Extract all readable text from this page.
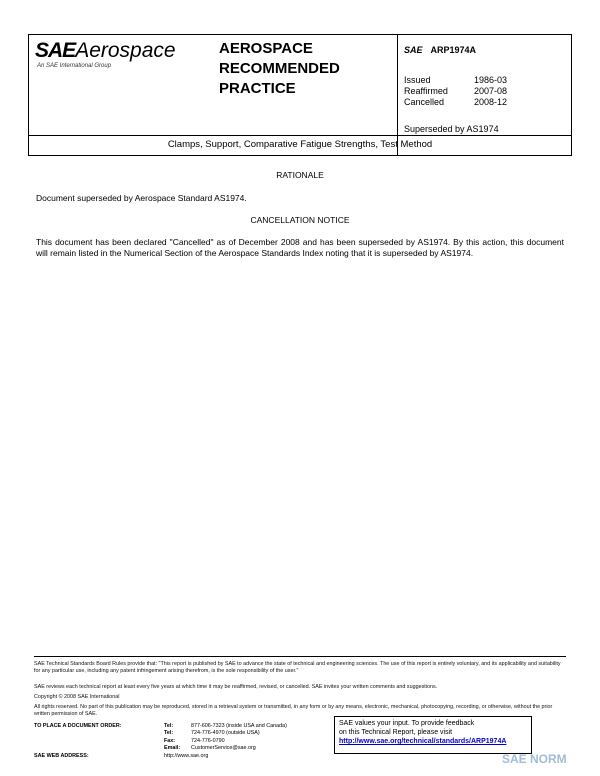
SAEAerospace
An SAE International Group
AEROSPACE
RECOMMENDED
PRACTICE
SAE ARP1974A
Issued	1986-03
Reaffirmed	2007-08
Cancelled	2008-12
Superseded by AS1974
Clamps, Support, Comparative Fatigue Strengths, Test Method
RATIONALE
Document superseded by Aerospace Standard AS1974.
CANCELLATION NOTICE
This document has been declared "Cancelled" as of December 2008 and has been superseded by AS1974. By this action, this document will remain listed in the Numerical Section of the Aerospace Standards Index noting that it is superseded by AS1974.
SAE Technical Standards Board Rules provide that: "This report is published by SAE to advance the state of technical and engineering sciences. The use of this report is entirely voluntary, and its applicability and suitability for any particular use, including any patent infringement arising therefrom, is the sole responsibility of the user."
SAE reviews each technical report at least every five years at which time it may be reaffirmed, revised, or cancelled. SAE invites your written comments and suggestions.
Copyright © 2008 SAE International
All rights reserved. No part of this publication may be reproduced, stored in a retrieval system or transmitted, in any form or by any means, electronic, mechanical, photocopying, recording, or otherwise, without the prior written permission of SAE.
TO PLACE A DOCUMENT ORDER:	Tel:	877-606-7323 (inside USA and Canada)
Tel:	724-776-4970 (outside USA)
Fax:	724-776-0790
Email:	CustomerService@sae.org
SAE WEB ADDRESS:	http://www.sae.org
SAE values your input. To provide feedback
on this Technical Report, please visit
http://www.sae.org/technical/standards/ARP1974A
SAE NORM
